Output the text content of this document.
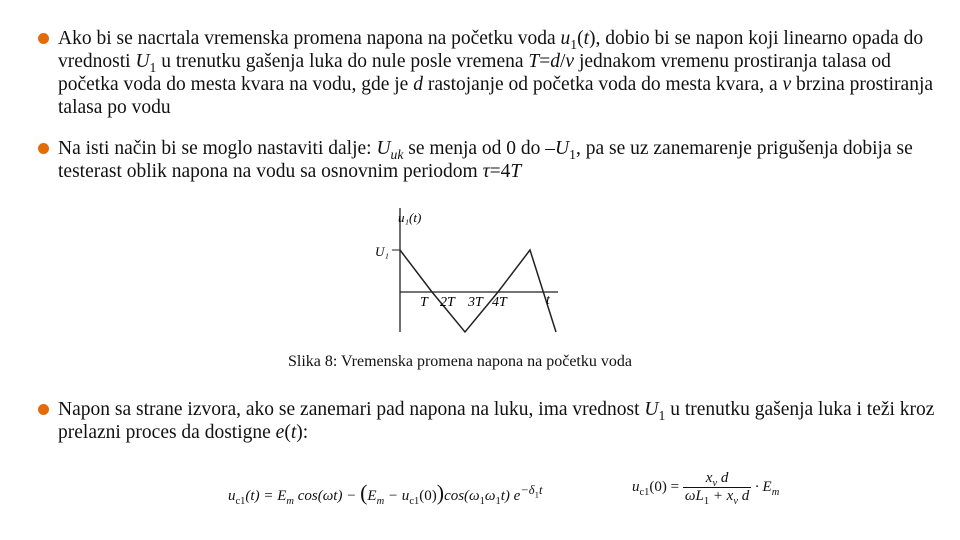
Ako bi se nacrtala vremenska promena napona na početku voda $u_1(t)$, dobio bi se napon koji linearno opada do vrednosti $U_1$ u trenutku gašenja luka do nule posle vremena T=d/v jednakom vremenu prostiranja talasa od početka voda do mesta kvara na vodu, gde je d rastojanje od početka voda do mesta kvara, a v brzina prostiranja talasa po vodu
Na isti način bi se moglo nastaviti dalje: $U_{uk}$ se menja od 0 do $-U_1$, pa se uz zanemarenje prigušenja dobija se testerast oblik napona na vodu sa osnovnim periodom τ=4T
u₁(t)
U₁
t
T 2T 3T 4T
Slika 8: Vremenska promena napona na početku voda
Napon sa strane izvora, ako se zanemari pad napona na luku, ima vrednost $U_1$ u trenutku gašenja luka i teži kroz prelazni proces da dostigne e(t):
$u_{c1}(t) = E_m$ $\cos(\omega t) - (E_m - u_{c1}(0))\cos(\omega_1\omega_1t)$ $e^{-\delta_1t}$	$u_{c1}(0) = \frac{x_v d}{\omega L_1 + x_v d} \cdot E_m$
